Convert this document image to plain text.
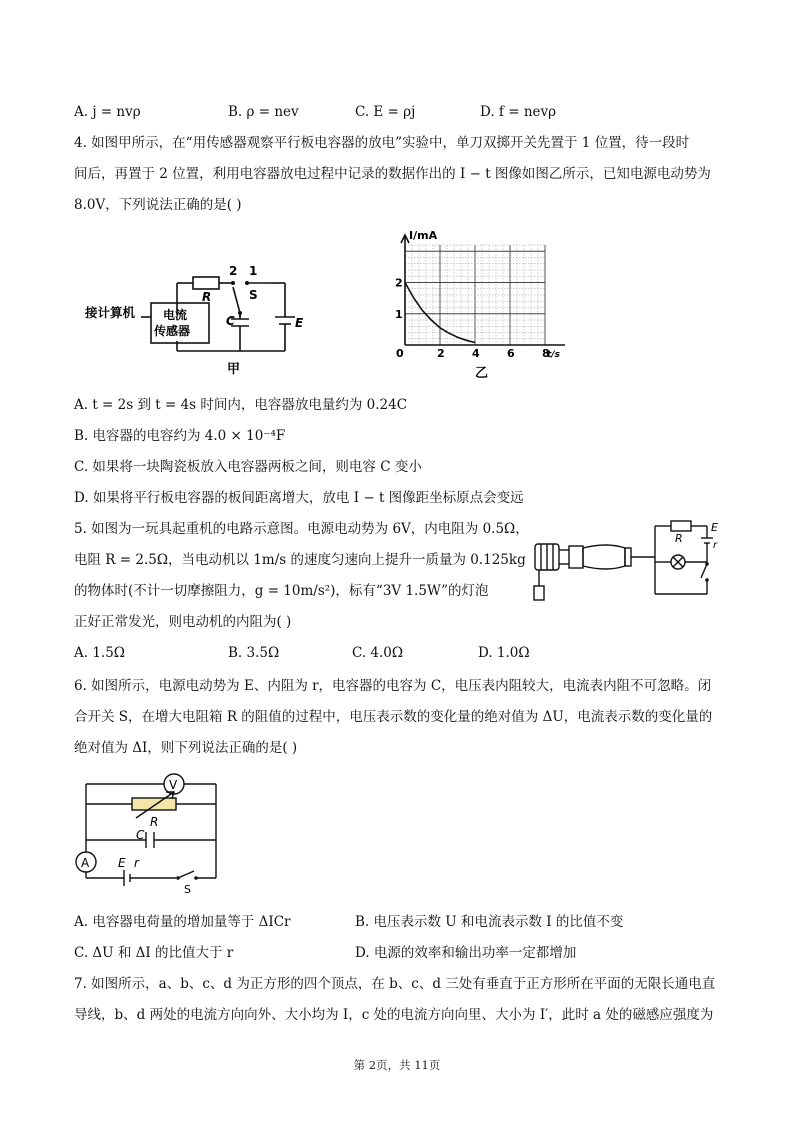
A. j = nvρ	B. ρ = nev	C. E = ρj	D. f = nevρ
4. 如图甲所示，在“用传感器观察平行板电容器的放电”实验中，单刀双掷开关先置于 1 位置，待一段时
间后，再置于 2 位置，利用电容器放电过程中记录的数据作出的 I − t 图像如图乙所示，已知电源电动势为
8.0V，下列说法正确的是( )
接计算机 电流
传感器
R
C
S
E
2 1
甲
0	2 4 6 8
1
2
I/mA
t/s
乙
A. t = 2s 到 t = 4s 时间内，电容器放电量约为 0.24C
B. 电容器的电容约为 4.0 × 10⁻⁴F
C. 如果将一块陶瓷板放入电容器两板之间，则电容 C 变小
D. 如果将平行板电容器的板间距离增大，放电 I − t 图像距坐标原点会变远
5. 如图为一玩具起重机的电路示意图。电源电动势为 6V，内电阻为 0.5Ω，
电阻 R = 2.5Ω，当电动机以 1m/s 的速度匀速向上提升一质量为 0.125kg
的物体时(不计一切摩擦阻力，g = 10m/s²)，标有“3V 1.5W”的灯泡
正好正常发光，则电动机的内阻为( )
R
E
r
A. 1.5Ω	B. 3.5Ω	C. 4.0Ω	D. 1.0Ω
6. 如图所示，电源电动势为 E、内阻为 r，电容器的电容为 C，电压表内阻较大，电流表内阻不可忽略。闭
合开关 S，在增大电阻箱 R 的阻值的过程中，电压表示数的变化量的绝对值为 ΔU，电流表示数的变化量的
绝对值为 ΔI，则下列说法正确的是( )
V
A
R
C
E r
S
A. 电容器电荷量的增加量等于 ΔICr	B. 电压表示数 U 和电流表示数 I 的比值不变
C. ΔU 和 ΔI 的比值大于 r	D. 电源的效率和输出功率一定都增加
7. 如图所示，a、b、c、d 为正方形的四个顶点，在 b、c、d 三处有垂直于正方形所在平面的无限长通电直
导线，b、d 两处的电流方向向外、大小均为 I，c 处的电流方向向里、大小为 I′，此时 a 处的磁感应强度为
第 2页，共 11页
